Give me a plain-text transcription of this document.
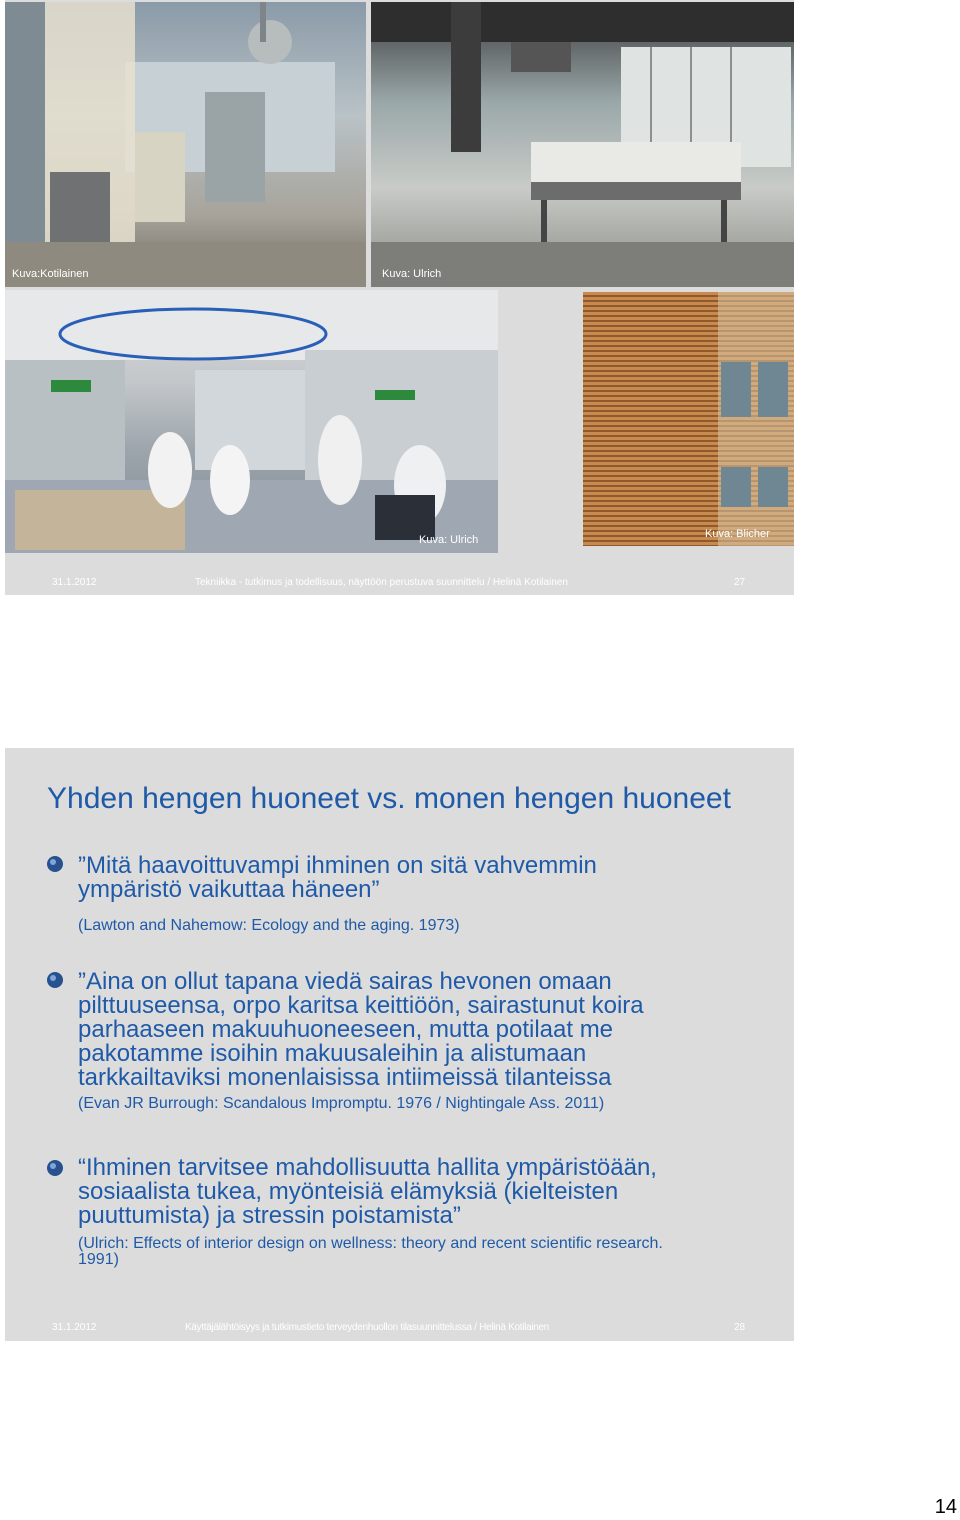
Kuva:Kotilainen	Kuva: Ulrich
Kuva: Ulrich	Kuva: Blicher
31.1.2012	Tekniikka - tutkimus ja todellisuus, näyttöön perustuva suunnittelu / Helinä Kotilainen	27
Yhden hengen huoneet vs. monen hengen huoneet
”Mitä haavoittuvampi ihminen on sitä vahvemmin
ympäristö vaikuttaa häneen”
(Lawton and Nahemow: Ecology and the aging. 1973)
”Aina on ollut tapana viedä sairas hevonen omaan
pilttuuseensa, orpo karitsa keittiöön, sairastunut koira
parhaaseen makuuhuoneeseen, mutta potilaat me
pakotamme isoihin makuusaleihin ja alistumaan
tarkkailtaviksi monenlaisissa intiimeissä tilanteissa
(Evan JR Burrough: Scandalous Impromptu. 1976 / Nightingale Ass. 2011)
“Ihminen tarvitsee mahdollisuutta hallita ympäristöään,
sosiaalista tukea, myönteisiä elämyksiä (kielteisten
puuttumista) ja stressin poistamista”
(Ulrich: Effects of interior design on wellness: theory and recent scientific research.
1991)
31.1.2012	Käyttäjälähtöisyys ja tutkimustieto terveydenhuollon tilasuunnittelussa / Helinä Kotilainen	28
14
